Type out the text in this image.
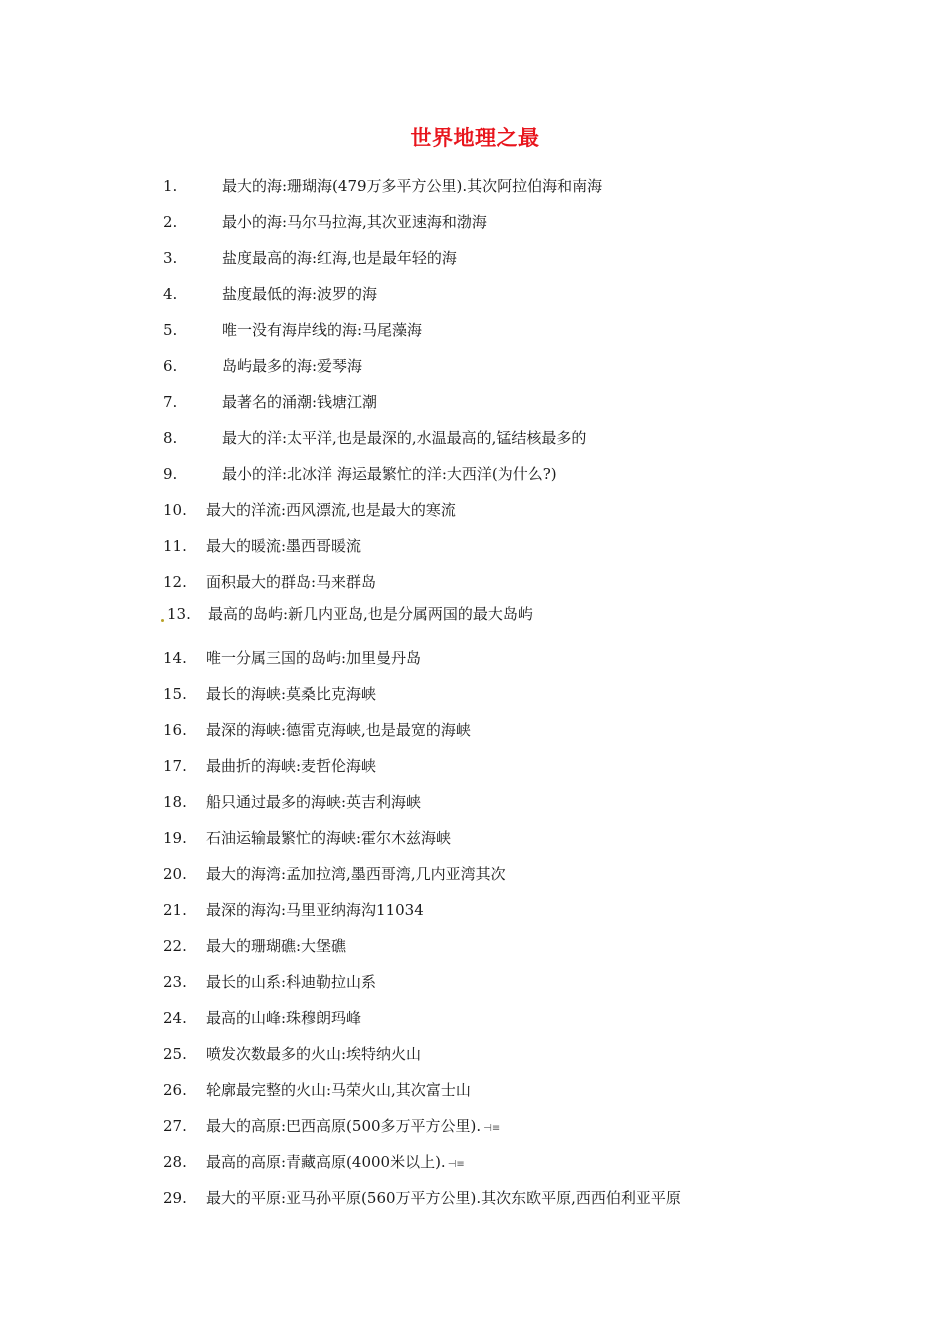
世界地理之最
1.	最大的海:珊瑚海(479万多平方公里).其次阿拉伯海和南海
2.	最小的海:马尔马拉海,其次亚速海和渤海
3.	盐度最高的海:红海,也是最年轻的海
4.	盐度最低的海:波罗的海
5.	唯一没有海岸线的海:马尾藻海
6.	岛屿最多的海:爱琴海
7.	最著名的涌潮:钱塘江潮
8.	最大的洋:太平洋,也是最深的,水温最高的,锰结核最多的
9.	最小的洋:北冰洋 海运最繁忙的洋:大西洋(为什么?)
10. 最大的洋流:西风漂流,也是最大的寒流
11. 最大的暖流:墨西哥暖流
12. 面积最大的群岛:马来群岛
13. 最高的岛屿:新几内亚岛,也是分属两国的最大岛屿
14. 唯一分属三国的岛屿:加里曼丹岛
15. 最长的海峡:莫桑比克海峡
16. 最深的海峡:德雷克海峡,也是最宽的海峡
17. 最曲折的海峡:麦哲伦海峡
18. 船只通过最多的海峡:英吉利海峡
19. 石油运输最繁忙的海峡:霍尔木兹海峡
20. 最大的海湾:孟加拉湾,墨西哥湾,几内亚湾其次
21. 最深的海沟:马里亚纳海沟11034
22. 最大的珊瑚礁:大堡礁
23. 最长的山系:科迪勒拉山系
24. 最高的山峰:珠穆朗玛峰
25. 喷发次数最多的火山:埃特纳火山
26. 轮廓最完整的火山:马荣火山,其次富士山
27. 最大的高原:巴西高原(500多万平方公里). ⊣≡
28. 最高的高原:青藏高原(4000米以上). ⊣≡
29. 最大的平原:亚马孙平原(560万平方公里).其次东欧平原,西西伯利亚平原
